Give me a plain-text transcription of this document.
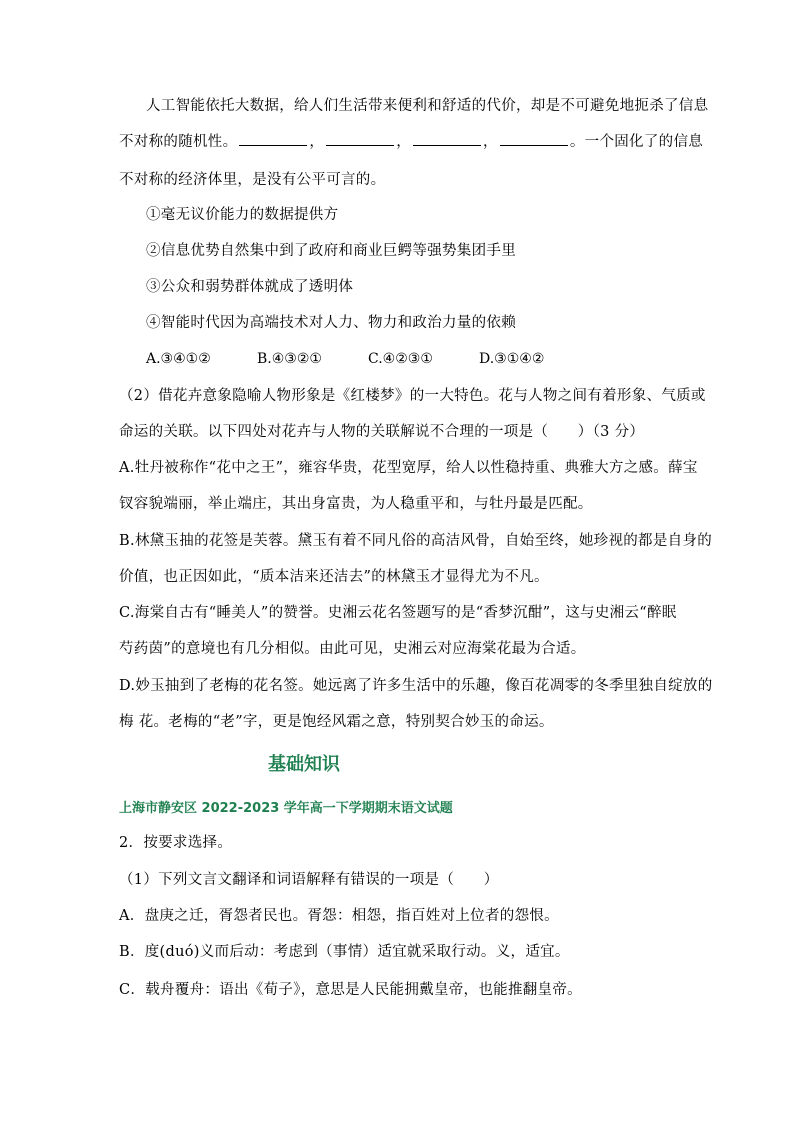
人工智能依托大数据，给人们生活带来便利和舒适的代价，却是不可避免地扼杀了信息
不对称的随机性。	，	，	，	。一个固化了的信息
不对称的经济体里，是没有公平可言的。
①毫无议价能力的数据提供方
②信息优势自然集中到了政府和商业巨鳄等强势集团手里
③公众和弱势群体就成了透明体
④智能时代因为高端技术对人力、物力和政治力量的依赖
A.③④①②	B.④③②①	C.④②③①	D.③①④②
（2）借花卉意象隐喻人物形象是《红楼梦》的一大特色。花与人物之间有着形象、气质或
命运的关联。以下四处对花卉与人物的关联解说不合理的一项是（　　）（3 分）
A.牡丹被称作“花中之王”，雍容华贵，花型宽厚，给人以性稳持重、典雅大方之感。薛宝
钗容貌端丽，举止端庄，其出身富贵，为人稳重平和，与牡丹最是匹配。
B.林黛玉抽的花签是芙蓉。黛玉有着不同凡俗的高洁风骨，自始至终，她珍视的都是自身的
价值，也正因如此，“质本洁来还洁去”的林黛玉才显得尤为不凡。
C.海棠自古有“睡美人”的赞誉。史湘云花名签题写的是“香梦沉酣”，这与史湘云“醉眠
芍药茵”的意境也有几分相似。由此可见，史湘云对应海棠花最为合适。
D.妙玉抽到了老梅的花名签。她远离了许多生活中的乐趣，像百花凋零的冬季里独自绽放的
梅 花。老梅的“老”字，更是饱经风霜之意，特别契合妙玉的命运。
基础知识
上海市静安区 2022-2023 学年高一下学期期末语文试题
2．按要求选择。
（1）下列文言文翻译和词语解释有错误的一项是（　　）
A．盘庚之迁，胥怨者民也。胥怨：相怨，指百姓对上位者的怨恨。
B．度(duó)义而后动：考虑到（事情）适宜就采取行动。义，适宜。
C．载舟覆舟：语出《荀子》，意思是人民能拥戴皇帝，也能推翻皇帝。
